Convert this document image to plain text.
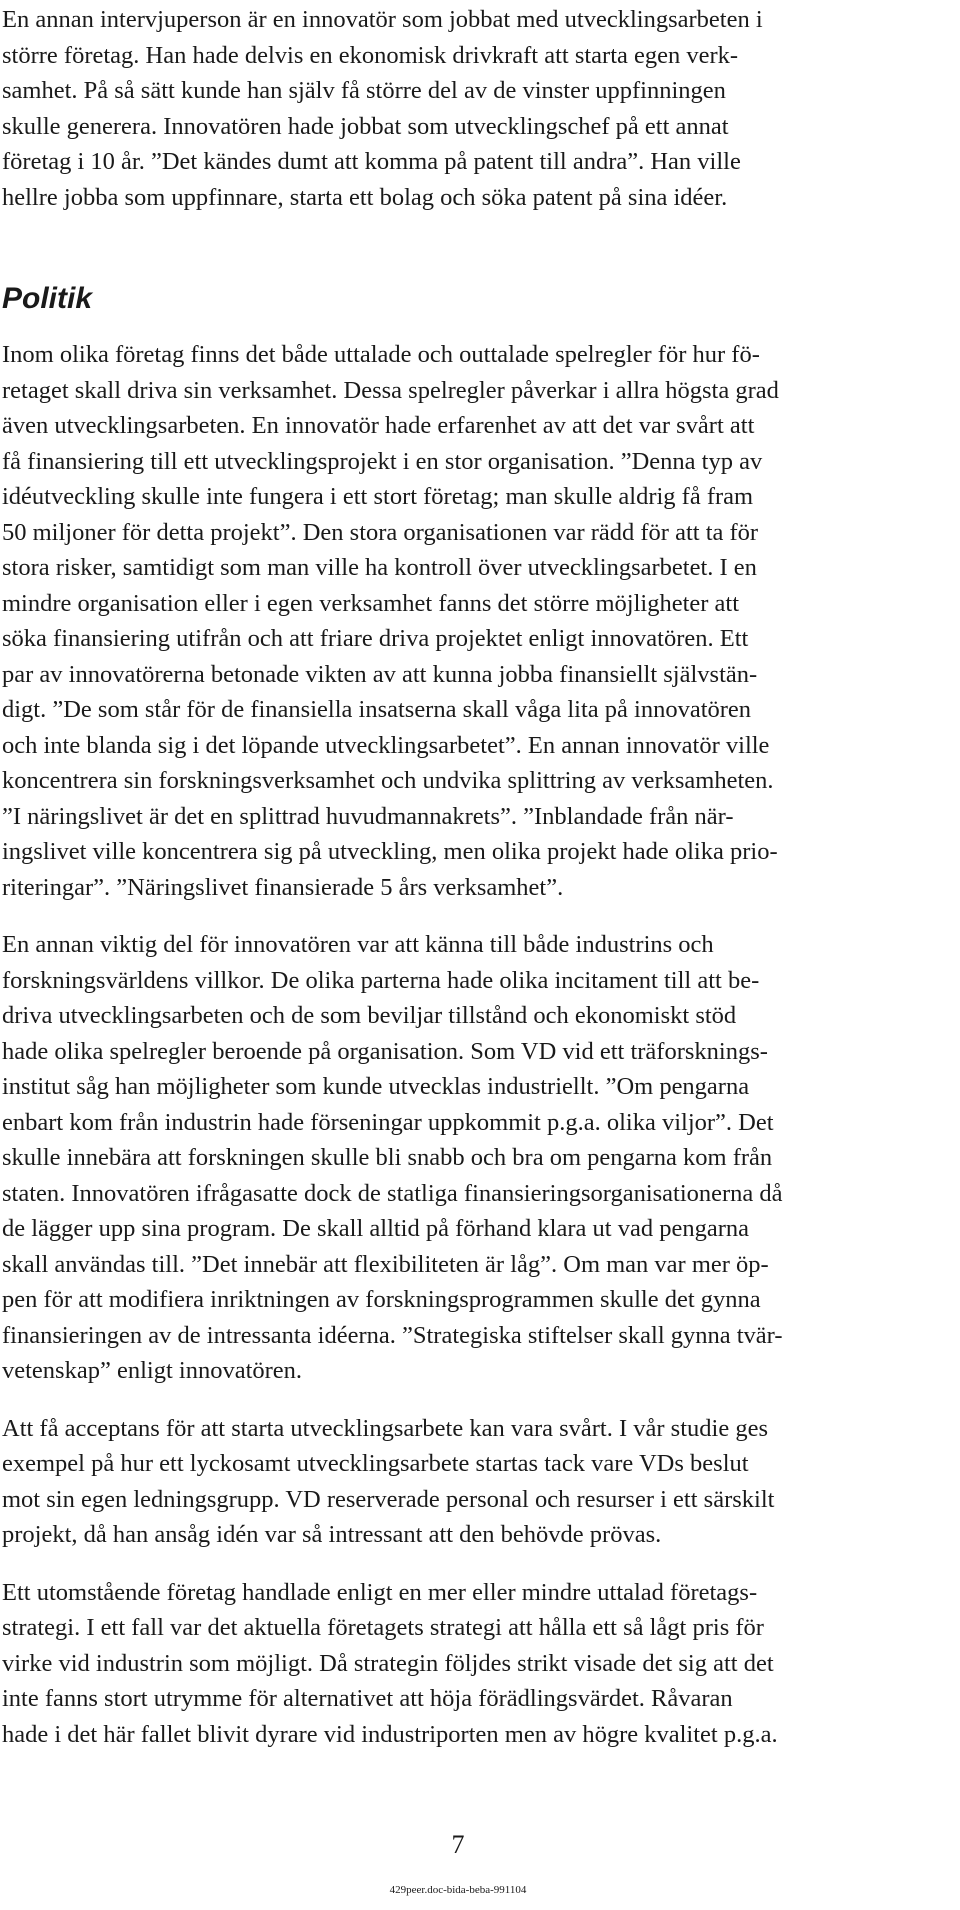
En annan intervjuperson är en innovatör som jobbat med utvecklingsarbeten i
större företag. Han hade delvis en ekonomisk drivkraft att starta egen verk-
samhet. På så sätt kunde han själv få större del av de vinster uppfinningen
skulle generera. Innovatören hade jobbat som utvecklingschef på ett annat
företag i 10 år. ”Det kändes dumt att komma på patent till andra”. Han ville
hellre jobba som uppfinnare, starta ett bolag och söka patent på sina idéer.

Politik

Inom olika företag finns det både uttalade och outtalade spelregler för hur fö-
retaget skall driva sin verksamhet. Dessa spelregler påverkar i allra högsta grad
även utvecklingsarbeten. En innovatör hade erfarenhet av att det var svårt att
få finansiering till ett utvecklingsprojekt i en stor organisation. ”Denna typ av
idéutveckling skulle inte fungera i ett stort företag; man skulle aldrig få fram
50 miljoner för detta projekt”. Den stora organisationen var rädd för att ta för
stora risker, samtidigt som man ville ha kontroll över utvecklingsarbetet. I en
mindre organisation eller i egen verksamhet fanns det större möjligheter att
söka finansiering utifrån och att friare driva projektet enligt innovatören. Ett
par av innovatörerna betonade vikten av att kunna jobba finansiellt självstän-
digt. ”De som står för de finansiella insatserna skall våga lita på innovatören
och inte blanda sig i det löpande utvecklingsarbetet”. En annan innovatör ville
koncentrera sin forskningsverksamhet och undvika splittring av verksamheten.
”I näringslivet är det en splittrad huvudmannakrets”. ”Inblandade från när-
ingslivet ville koncentrera sig på utveckling, men olika projekt hade olika prio-
riteringar”. ”Näringslivet finansierade 5 års verksamhet”.

En annan viktig del för innovatören var att känna till både industrins och
forskningsvärldens villkor. De olika parterna hade olika incitament till att be-
driva utvecklingsarbeten och de som beviljar tillstånd och ekonomiskt stöd
hade olika spelregler beroende på organisation. Som VD vid ett träforsknings-
institut såg han möjligheter som kunde utvecklas industriellt. ”Om pengarna
enbart kom från industrin hade förseningar uppkommit p.g.a. olika viljor”. Det
skulle innebära att forskningen skulle bli snabb och bra om pengarna kom från
staten. Innovatören ifrågasatte dock de statliga finansieringsorganisationerna då
de lägger upp sina program. De skall alltid på förhand klara ut vad pengarna
skall användas till. ”Det innebär att flexibiliteten är låg”. Om man var mer öp-
pen för att modifiera inriktningen av forskningsprogrammen skulle det gynna
finansieringen av de intressanta idéerna. ”Strategiska stiftelser skall gynna tvär-
vetenskap” enligt innovatören.

Att få acceptans för att starta utvecklingsarbete kan vara svårt. I vår studie ges
exempel på hur ett lyckosamt utvecklingsarbete startas tack vare VDs beslut
mot sin egen ledningsgrupp. VD reserverade personal och resurser i ett särskilt
projekt, då han ansåg idén var så intressant att den behövde prövas.

Ett utomstående företag handlade enligt en mer eller mindre uttalad företags-
strategi. I ett fall var det aktuella företagets strategi att hålla ett så lågt pris för
virke vid industrin som möjligt. Då strategin följdes strikt visade det sig att det
inte fanns stort utrymme för alternativet att höja förädlingsvärdet. Råvaran
hade i det här fallet blivit dyrare vid industriporten men av högre kvalitet p.g.a.

7
429peer.doc-bida-beba-991104
